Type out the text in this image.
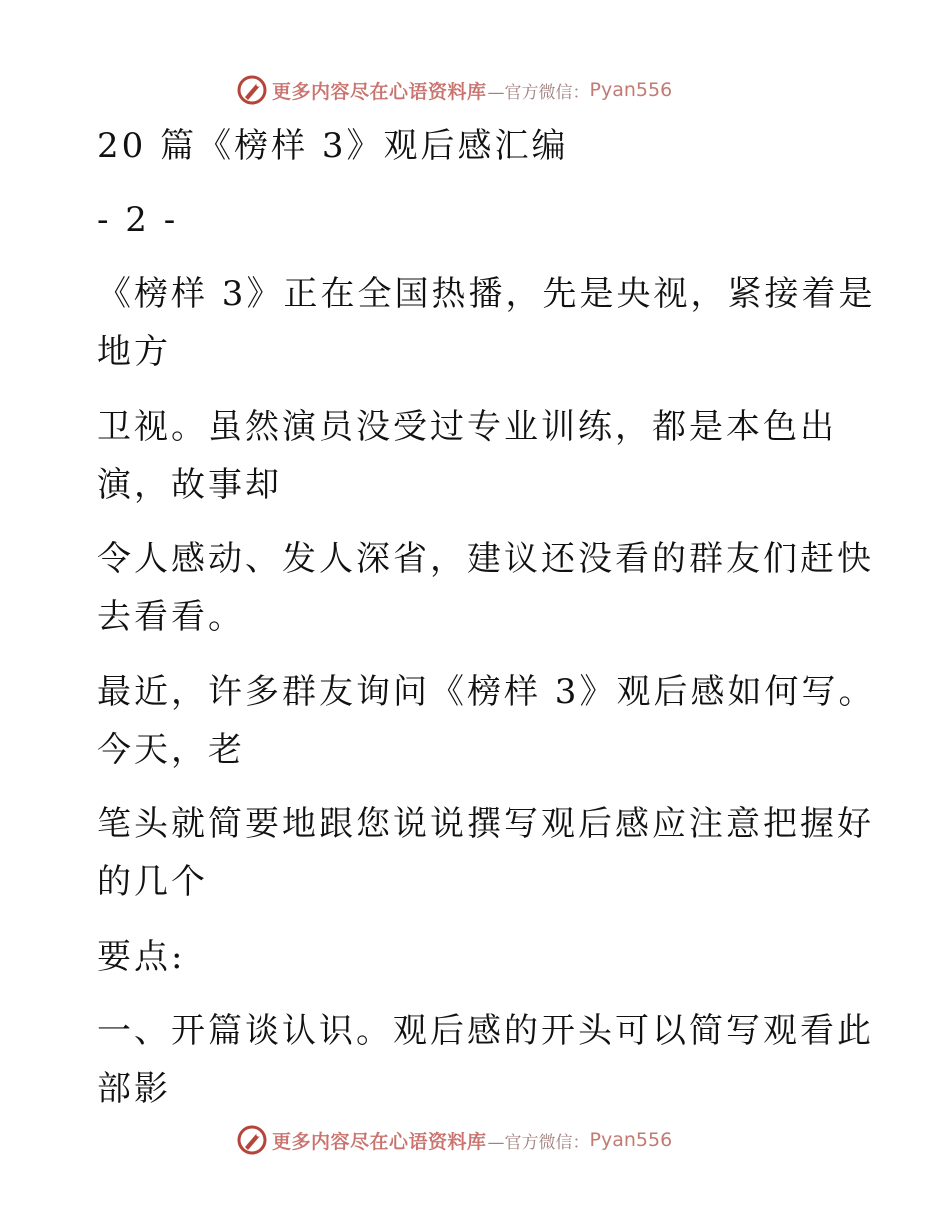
更多内容尽在心语资料库 —官方微信： Pyan556
20 篇《榜样 3》观后感汇编
- 2 -
《榜样 3》正在全国热播，先是央视，紧接着是
地方
卫视。虽然演员没受过专业训练，都是本色出
演，故事却
令人感动、发人深省，建议还没看的群友们赶快
去看看。
最近，许多群友询问《榜样 3》观后感如何写。
今天，老
笔头就简要地跟您说说撰写观后感应注意把握好
的几个
要点:
一、开篇谈认识。观后感的开头可以简写观看此
部影
更多内容尽在心语资料库 —官方微信： Pyan556
